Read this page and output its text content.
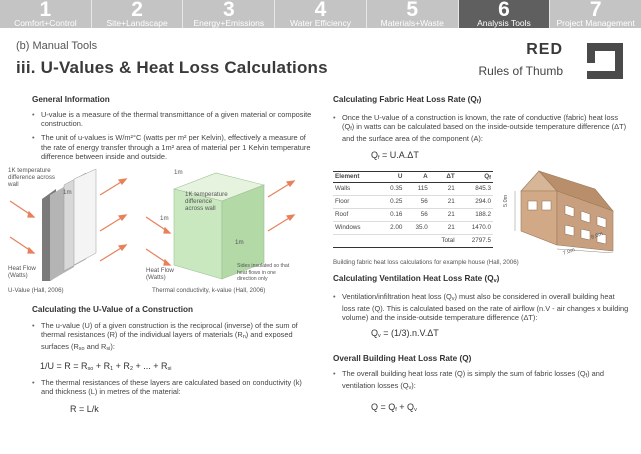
1
Comfort+Control
2
Site+Landscape
3
Energy+Emissions
4
Water Efficiency
5
Materials+Waste
6
Analysis Tools
7
Project Management
(b) Manual Tools
iii. U-Values & Heat Loss Calculations
RED
Rules of Thumb
General Information
• U-value is a measure of the thermal transmittance of a given material or composite construction.
• The unit of u-values is W/m²°C (watts per m² per Kelvin), effectively a measure of the rate of energy transfer through a 1m² area of material per 1 Kelvin temperature difference between inside and outside.
1K temperature difference across wall
1m
Heat Flow (Watts)
U-Value (Hall, 2006)
1m
1K temperature difference across wall
1m
1m
Heat Flow (Watts)
Sides insulated so that heat flows in one direction only
Thermal conductivity, k-value (Hall, 2006)
Calculating the U-Value of a Construction
• The u-value (U) of a given construction is the reciprocal (inverse) of the sum of thermal resistances (R) of the individual layers of materials $(R_n)$ and exposed surfaces ($R_{so}$ and $R_{si}$):
$1/U = R = R_{so} + R_1 + R_2$ + ... + $R_{si}$
• The thermal resistances of these layers are calculated based on conductivity (k) and thickness (L) in metres of the material:
R = L/k
Calculating Fabric Heat Loss Rate $(Q_f)$
• Once the U-value of a construction is known, the rate of conductive (fabric) heat loss $(Q_f)$ in watts can be calculated based on the inside-outside temperature difference (ΔT) and the surface area of the component (A):
$Q_f = U.A.\Delta T$
Element	U	A	ΔT	$Q_f$
Walls	0.35	115	21	845.3
Floor	0.25	56	21	294.0
Roof	0.16	56	21	188.2
Windows	2.00	35.0	21	1470.0
			Total	2797.5
Building fabric heat loss calculations for example house (Hall, 2006)
5.0m
7.0m
8.0m
Calculating Ventilation Heat Loss Rate $(Q_v)$
• Ventilation/infiltration heat loss $(Q_v)$ must also be considered in overall building heat loss rate (Q). This is calculated based on the rate of airflow (n.V - air changes x building volume) and the inside-outside temperature difference (ΔT):
$Q_v = (1/3).n.V.\Delta T$
Overall Building Heat Loss Rate (Q)
• The overall building heat loss rate (Q) is simply the sum of fabric losses $(Q_f)$ and ventilation losses $(Q_v)$:
$Q = Q_f + Q_v$
